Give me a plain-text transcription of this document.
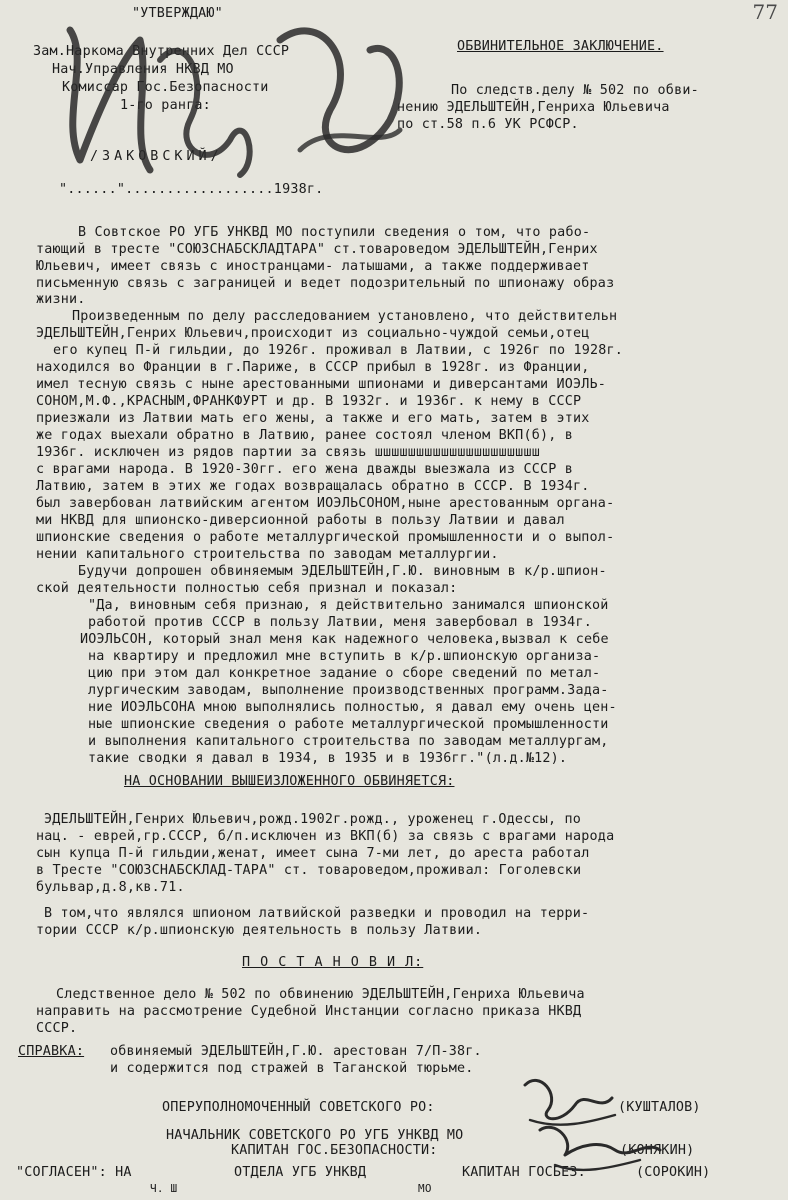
77
"УТВЕРЖДАЮ"
Зам.Наркома Внутренних Дел СССР
Нач.Управления НКВД МО
Комиссар Гос.Безопасности
1-го ранга:
/ЗАКОВСКИЙ/
"......"..................1938г.
ОБВИНИТЕЛЬНОЕ ЗАКЛЮЧЕНИЕ.
По следств.делу № 502 по обви-
нению ЭДЕЛЬШТЕЙН,Генриха Юльевича
по ст.58 п.6 УК РСФСР.
В Совтское РО УГБ УНКВД МО поступили сведения о том, что рабо-
тающий в тресте "СОЮЗСНАБСКЛАДТАРА" ст.товароведом ЭДЕЛЬШТЕЙН,Генрих
Юльевич, имеет связь с иностранцами- латышами, а также поддерживает
письменную связь с заграницей и ведет подозрительный по шпионажу образ
жизни.
Произведенным по делу расследованием установлено, что действительн
ЭДЕЛЬШТЕЙН,Генрих Юльевич,происходит из социально-чуждой семьи,отец
его купец П-й гильдии, до 1926г. проживал в Латвии, с 1926г по 1928г.
находился во Франции в г.Париже, в СССР прибыл в 1928г. из Франции,
имел тесную связь с ныне арестованными шпионами и диверсантами ИОЭЛЬ-
СОНОМ,М.Ф.,КРАСНЫМ,ФРАНКФУРТ и др. В 1932г. и 1936г. к нему в СССР
приезжали из Латвии мать его жены, а также и его мать, затем в этих
же годах выехали обратно в Латвию, ранее состоял членом ВКП(б), в
1936г. исключен из рядов партии за связь шшшшшшшшшшшшшшшшшшшш
с врагами народа. В 1920-30гг. его жена дважды выезжала из СССР в
Латвию, затем в этих же годах возвращалась обратно в СССР. В 1934г.
был завербован латвийским агентом ИОЭЛЬСОНОМ,ныне арестованным органа-
ми НКВД для шпионско-диверсионной работы в пользу Латвии и давал
шпионские сведения о работе металлургической промышленности и о выпол-
нении капитального строительства по заводам металлургии.
Будучи допрошен обвиняемым ЭДЕЛЬШТЕЙН,Г.Ю. виновным в к/р.шпион-
ской деятельности полностью себя признал и показал:
"Да, виновным себя признаю, я действительно занимался шпионской
работой против СССР в пользу Латвии, меня завербовал в 1934г.
ИОЭЛЬСОН, который знал меня как надежного человека,вызвал к себе
на квартиру и предложил мне вступить в к/р.шпионскую организа-
цию при этом дал конкретное задание о сборе сведений по метал-
лургическим заводам, выполнение производственных программ.Зада-
ние ИОЭЛЬСОНА мною выполнялись полностью, я давал ему очень цен-
ные шпионские сведения о работе металлургической промышленности
и выполнения капитального строительства по заводам металлургам,
такие сводки я давал в 1934, в 1935 и в 1936гг."(л.д.№12).
НА ОСНОВАНИИ ВЫШЕИЗЛОЖЕННОГО ОБВИНЯЕТСЯ:
ЭДЕЛЬШТЕЙН,Генрих Юльевич,рожд.1902г.рожд., уроженец г.Одессы, по
нац. - еврей,гр.СССР, б/п.исключен из ВКП(б) за связь с врагами народа
сын купца П-й гильдии,женат, имеет сына 7-ми лет, до ареста работал
в Тресте "СОЮЗСНАБСКЛАД-ТАРА" ст. товароведом,проживал: Гоголевски
бульвар,д.8,кв.71.
В том,что являлся шпионом латвийской разведки и проводил на терри-
тории СССР к/р.шпионскую деятельность в пользу Латвии.
П О С Т А Н О В И Л:
Следственное дело № 502 по обвинению ЭДЕЛЬШТЕЙН,Генриха Юльевича
направить на рассмотрение Судебной Инстанции согласно приказа НКВД
СССР.
СПРАВКА: обвиняемый ЭДЕЛЬШТЕЙН,Г.Ю. арестован 7/П-38г.
и содержится под стражей в Таганской тюрьме.
ОПЕРУПОЛНОМОЧЕННЫЙ СОВЕТСКОГО РО:	(КУШТАЛОВ)
НАЧАЛЬНИК СОВЕТСКОГО РО УГБ УНКВД МО
КАПИТАН ГОС.БЕЗОПАСНОСТИ:	(КОНЯКИН)
"СОГЛАСЕН": НА	ОТДЕЛА УГБ УНКВД	КАПИТАН ГОСБЕЗ.	(СОРОКИН)
Ч. Ш	МО
